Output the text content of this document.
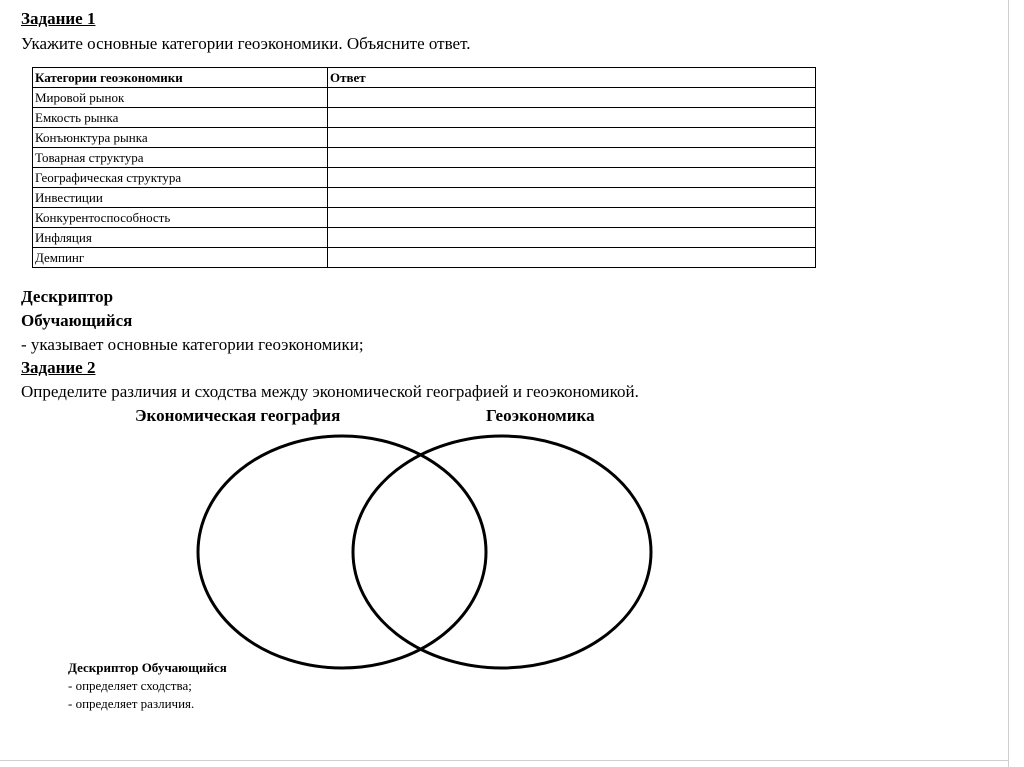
Задание 1
Укажите основные категории геоэкономики. Объясните ответ.
Категории геоэкономики	Ответ
Мировой рынок	
Емкость рынка	
Конъюнктура рынка	
Товарная структура	
Географическая структура	
Инвестиции	
Конкурентоспособность	
Инфляция	
Демпинг	
Дескриптор
Обучающийся
- указывает основные категории геоэкономики;
Задание 2
Определите различия и сходства между экономической географией и геоэкономикой.
Экономическая география	Геоэкономика
Дескриптор Обучающийся
- определяет сходства;
- определяет различия.
